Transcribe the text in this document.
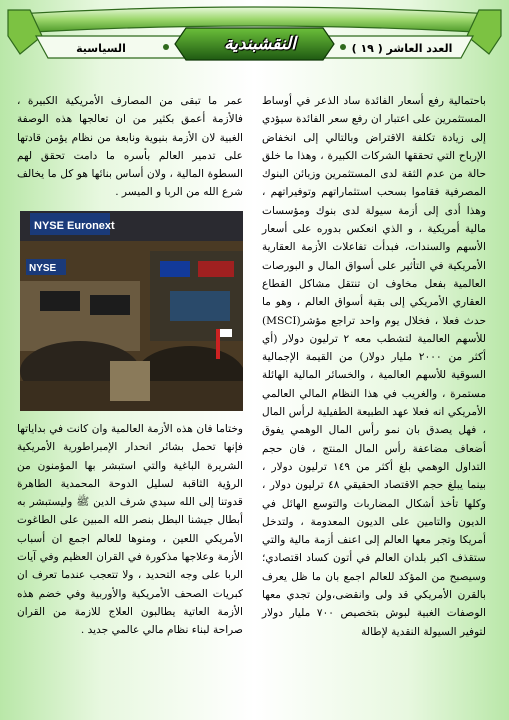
العدد العاشر ( ١٩ )
النقشبندية
السياسية
باحتمالية رفع أسعار الفائدة ساد الذعر في أوساط المستثمرين على اعتبار ان رفع سعر الفائدة سيؤدي إلى زيادة تكلفة الاقتراض وبالتالي إلى انخفاض الإرباح التي تحققها الشركات الكبيرة ، وهذا ما خلق حالة من عدم الثقة لدى المستثمرين وزبائن البنوك المصرفية فقاموا بسحب استثماراتهم وتوفيراتهم ، وهذا أدى إلى أزمة سيولة لدى بنوك ومؤسسات مالية أمريكية ، و الذي انعكس بدوره على أسعار الأسهم والسندات، فبدأت تفاعلات الأزمة العقارية الأمريكية في التأثير على أسواق المال و البورصات العالمية بفعل مخاوف ان تنتقل مشاكل القطاع العقاري الأمريكي إلى بقية أسواق العالم ، وهو ما حدث فعلا ، فخلال يوم واحد تراجع مؤشر(MSCI) للأسهم العالمية لتشطب معه ٢ ترليون دولار (أي أكثر من ٢٠٠٠ مليار دولار) من القيمة الإجمالية السوقية للأسهم العالمية ، والخسائر المالية الهائلة مستمرة ، والغريب في هذا النظام المالي العالمي الأمريكي انه فعلا عهد الطبيعة الطفيلية لرأس المال ، فهل يصدق بان نمو رأس المال الوهمي يفوق أضعاف مضاعفة رأس المال المنتج ، فان حجم التداول الوهمي بلغ أكثر من ١٤٩ ترليون دولار ، بينما يبلغ حجم الاقتصاد الحقيقي ٤٨ ترليون دولار ، وكلها تأخذ أشكال المضاربات والتوسع الهائل في الديون والتامين على الديون المعدومة ، ولتدخل أمريكا وتجر معها العالم إلى اعنف أزمة مالية والتي ستقذف اكبر بلدان العالم في أتون كساد اقتصادي؛ وسيصبح من المؤكد للعالم اجمع بان ما ظل يعرف بالقرن الأمريكي قد ولى وانقضى،ولن تجدي معها الوصفات الغبية لبوش بتخصيص ٧٠٠ مليار دولار لتوفير السيولة النقدية لإطالة
عمر ما تبقى من المصارف الأمريكية الكبيرة ، فالأزمة أعمق بكثير من ان تعالجها هذه الوصفة الغبية لان الأزمة بنيوية ونابعة من نظام يؤمن قادتها على تدمير العالم بأسره ما دامت تحقق لهم السطوة المالية ، ولان أساس بنائها هو كل ما يخالف شرع الله من الربا و الميسر .
NYSE Euronext
NYSE
وختاما فان هذه الأزمة العالمية وان كانت في بداياتها فإنها تحمل بشائر انحدار الإمبراطورية الأمريكية الشريرة الباغية والتي استبشر بها المؤمنون من الرؤية الثاقبة لسليل الدوحة المحمدية الطاهرة قدوتنا إلى الله سيدي شرف الدين ﷺ وليستبشر به أبطال جيشنا البطل بنصر الله المبين على الطاغوت الأمريكي اللعين ، ومنوها للعالم اجمع ان أسباب الأزمة وعلاجها مذكورة في القران العظيم وفي آيات الربا على وجه التحديد ، ولا تتعجب عندما تعرف ان كبريات الصحف الأمريكية والأوربية وفي خضم هذه الأزمة العاتية يطالبون العلاج للازمة من القران صراحة لبناء نظام مالي عالمي جديد .
